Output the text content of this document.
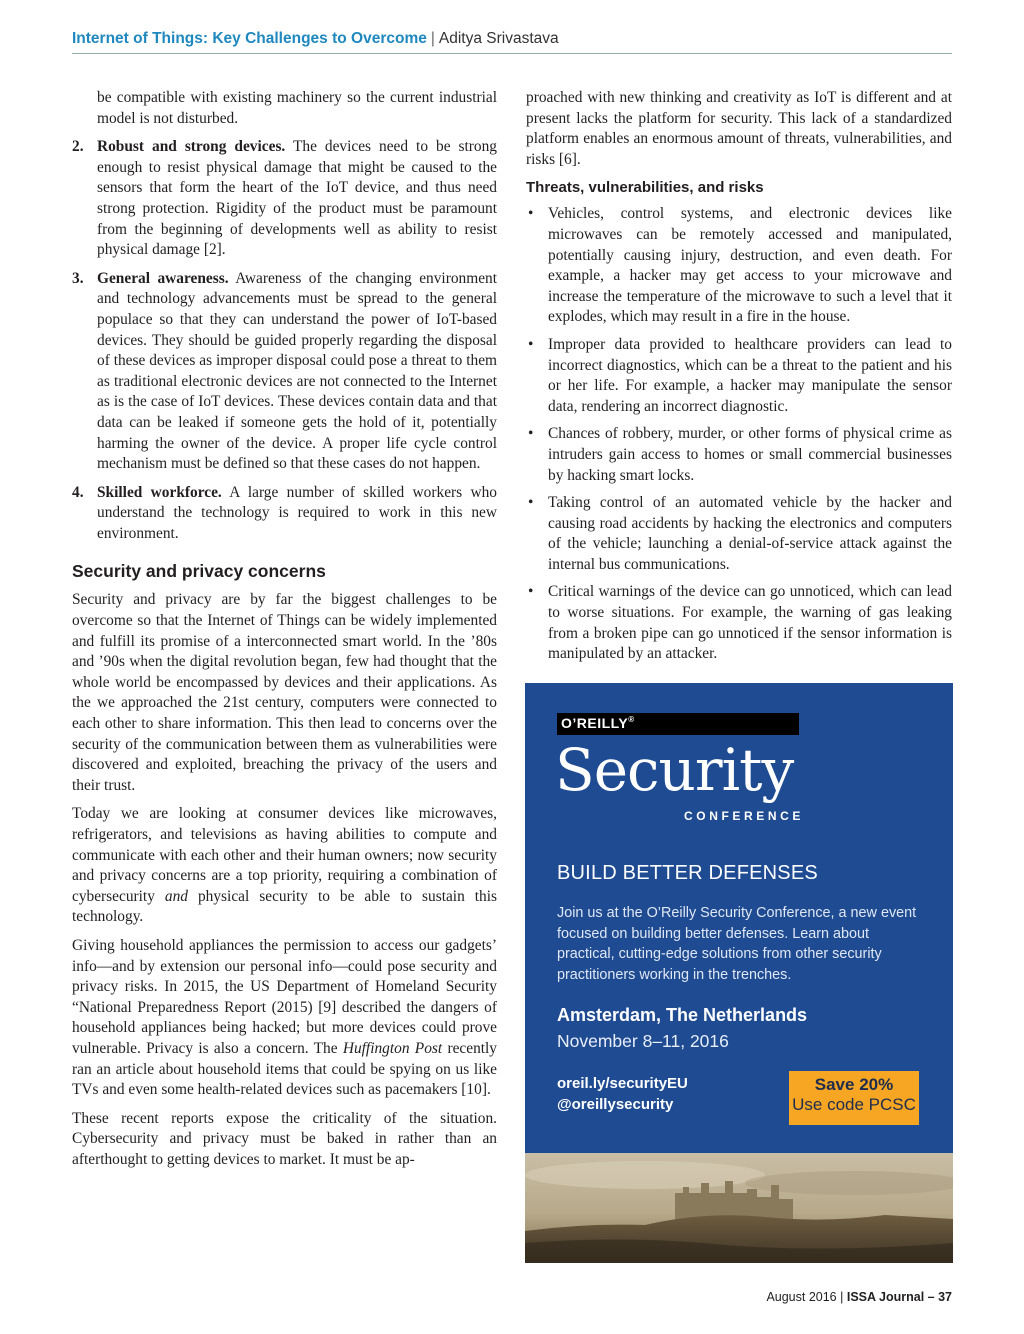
Internet of Things: Key Challenges to Overcome | Aditya Srivastava
be compatible with existing machinery so the current industrial model is not disturbed.
2. Robust and strong devices. The devices need to be strong enough to resist physical damage that might be caused to the sensors that form the heart of the IoT device, and thus need strong protection. Rigidity of the product must be paramount from the beginning of developments well as ability to resist physical damage [2].
3. General awareness. Awareness of the changing environment and technology advancements must be spread to the general populace so that they can understand the power of IoT-based devices. They should be guided properly regarding the disposal of these devices as improper disposal could pose a threat to them as traditional electronic devices are not connected to the Internet as is the case of IoT devices. These devices contain data and that data can be leaked if someone gets the hold of it, potentially harming the owner of the device. A proper life cycle control mechanism must be defined so that these cases do not happen.
4. Skilled workforce. A large number of skilled workers who understand the technology is required to work in this new environment.
Security and privacy concerns

Security and privacy are by far the biggest challenges to be overcome so that the Internet of Things can be widely implemented and fulfill its promise of a interconnected smart world. In the ’80s and ’90s when the digital revolution began, few had thought that the whole world be encompassed by devices and their applications. As the we approached the 21st century, computers were connected to each other to share information. This then lead to concerns over the security of the communication between them as vulnerabilities were discovered and exploited, breaching the privacy of the users and their trust.

Today we are looking at consumer devices like microwaves, refrigerators, and televisions as having abilities to compute and communicate with each other and their human owners; now security and privacy concerns are a top priority, requiring a combination of cybersecurity and physical security to be able to sustain this technology.

Giving household appliances the permission to access our gadgets’ info—and by extension our personal info—could pose security and privacy risks. In 2015, the US Department of Homeland Security “National Preparedness Report (2015) [9] described the dangers of household appliances being hacked; but more devices could prove vulnerable. Privacy is also a concern. The Huffington Post recently ran an article about household items that could be spying on us like TVs and even some health-related devices such as pacemakers [10].

These recent reports expose the criticality of the situation. Cybersecurity and privacy must be baked in rather than an afterthought to getting devices to market. It must be ap-

proached with new thinking and creativity as IoT is different and at present lacks the platform for security. This lack of a standardized platform enables an enormous amount of threats, vulnerabilities, and risks [6].

Threats, vulnerabilities, and risks
• Vehicles, control systems, and electronic devices like microwaves can be remotely accessed and manipulated, potentially causing injury, destruction, and even death. For example, a hacker may get access to your microwave and increase the temperature of the microwave to such a level that it explodes, which may result in a fire in the house.
• Improper data provided to healthcare providers can lead to incorrect diagnostics, which can be a threat to the patient and his or her life. For example, a hacker may manipulate the sensor data, rendering an incorrect diagnostic.
• Chances of robbery, murder, or other forms of physical crime as intruders gain access to homes or small commercial businesses by hacking smart locks.
• Taking control of an automated vehicle by the hacker and causing road accidents by hacking the electronics and computers of the vehicle; launching a denial-of-service attack against the internal bus communications.
• Critical warnings of the device can go unnoticed, which can lead to worse situations. For example, the warning of gas leaking from a broken pipe can go unnoticed if the sensor information is manipulated by an attacker.
O’REILLY®
Security
CONFERENCE
BUILD BETTER DEFENSES
Join us at the O’Reilly Security Conference, a new event focused on building better defenses. Learn about practical, cutting-edge solutions from other security practitioners working in the trenches.
Amsterdam, The Netherlands
November 8–11, 2016
oreil.ly/securityEU
@oreillysecurity
Save 20%
Use code PCSC
August 2016 | ISSA Journal – 37
